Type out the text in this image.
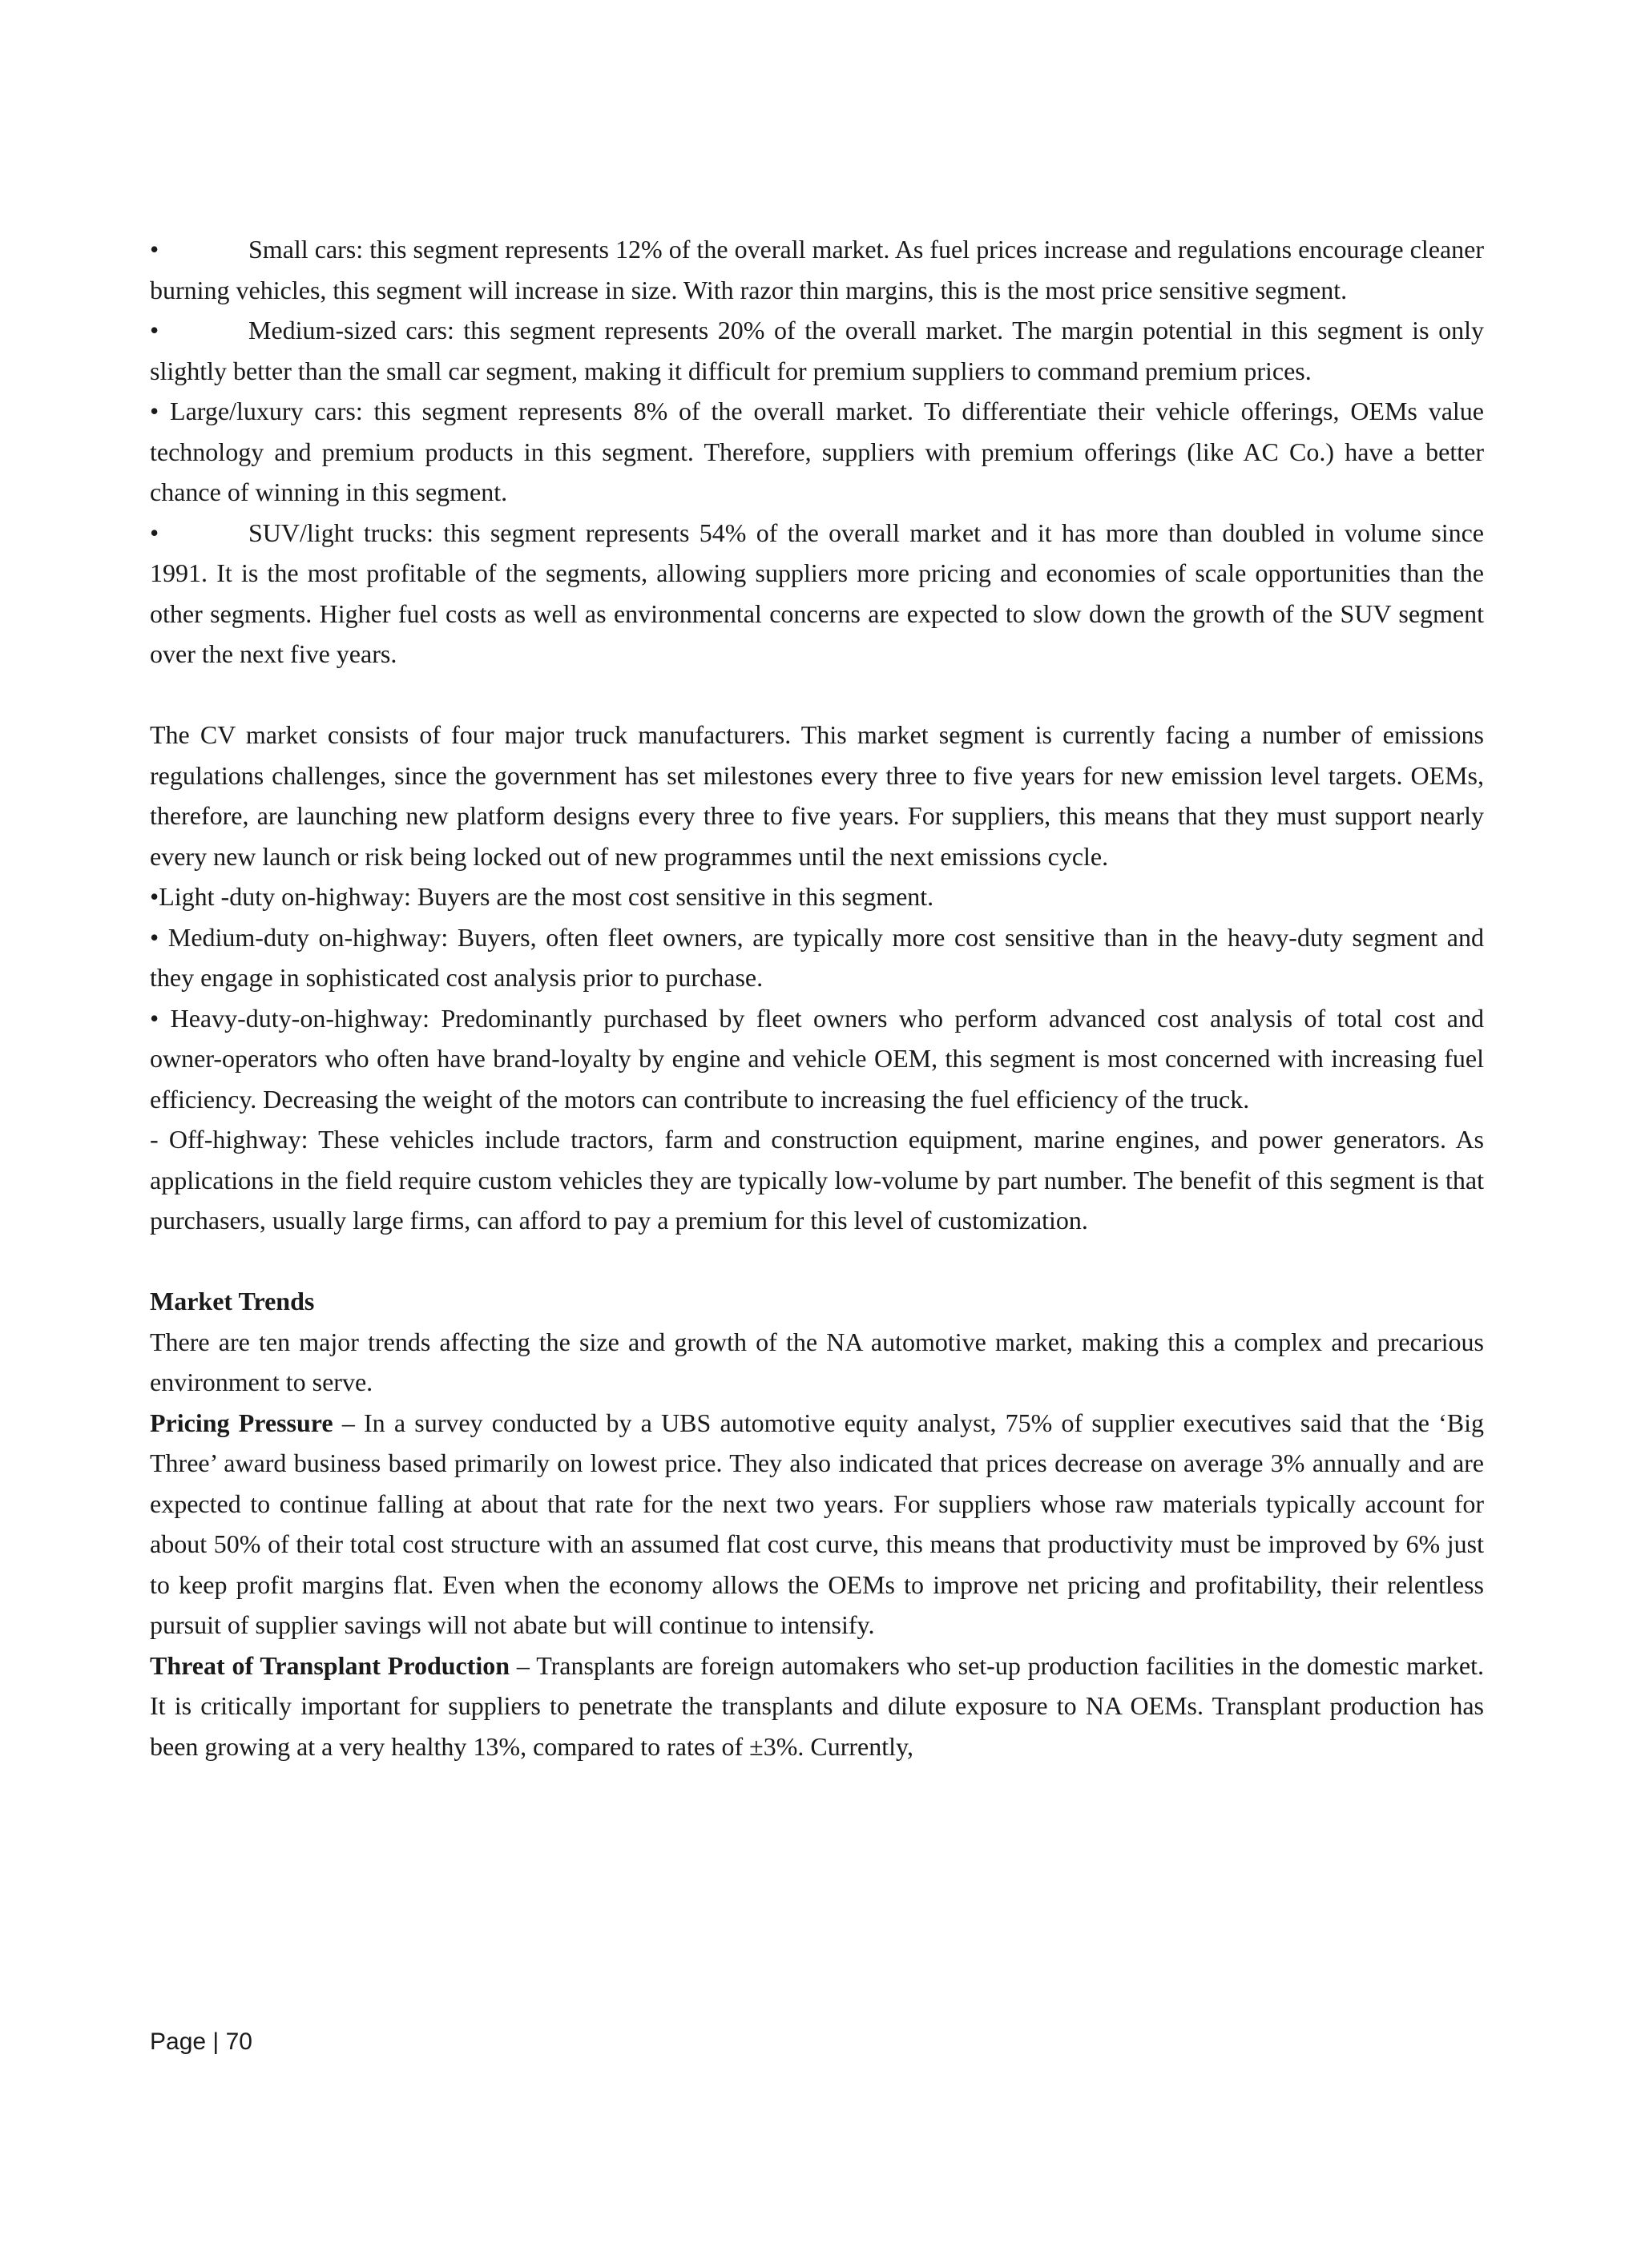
•	Small cars: this segment represents 12% of the overall market. As fuel prices increase and regulations encourage cleaner burning vehicles, this segment will increase in size. With razor thin margins, this is the most price sensitive segment.

•	Medium-sized cars: this segment represents 20% of the overall market. The margin potential in this segment is only slightly better than the small car segment, making it difficult for premium suppliers to command premium prices.

• Large/luxury cars: this segment represents 8% of the overall market. To differentiate their vehicle offerings, OEMs value technology and premium products in this segment. Therefore, suppliers with premium offerings (like AC Co.) have a better chance of winning in this segment.

•	SUV/light trucks: this segment represents 54% of the overall market and it has more than doubled in volume since 1991. It is the most profitable of the segments, allowing suppliers more pricing and economies of scale opportunities than the other segments. Higher fuel costs as well as environmental concerns are expected to slow down the growth of the SUV segment over the next five years.

The CV market consists of four major truck manufacturers. This market segment is currently facing a number of emissions regulations challenges, since the government has set milestones every three to five years for new emission level targets. OEMs, therefore, are launching new platform designs every three to five years. For suppliers, this means that they must support nearly every new launch or risk being locked out of new programmes until the next emissions cycle.

•Light -duty on-highway: Buyers are the most cost sensitive in this segment.

• Medium-duty on-highway: Buyers, often fleet owners, are typically more cost sensitive than in the heavy-duty segment and they engage in sophisticated cost analysis prior to purchase.

• Heavy-duty-on-highway: Predominantly purchased by fleet owners who perform advanced cost analysis of total cost and owner-operators who often have brand-loyalty by engine and vehicle OEM, this segment is most concerned with increasing fuel efficiency. Decreasing the weight of the motors can contribute to increasing the fuel efficiency of the truck.

- Off-highway: These vehicles include tractors, farm and construction equipment, marine engines, and power generators. As applications in the field require custom vehicles they are typically low-volume by part number. The benefit of this segment is that purchasers, usually large firms, can afford to pay a premium for this level of customization.

Market Trends

There are ten major trends affecting the size and growth of the NA automotive market, making this a complex and precarious environment to serve.

Pricing Pressure – In a survey conducted by a UBS automotive equity analyst, 75% of supplier executives said that the ‘Big Three’ award business based primarily on lowest price. They also indicated that prices decrease on average 3% annually and are expected to continue falling at about that rate for the next two years. For suppliers whose raw materials typically account for about 50% of their total cost structure with an assumed flat cost curve, this means that productivity must be improved by 6% just to keep profit margins flat. Even when the economy allows the OEMs to improve net pricing and profitability, their relentless pursuit of supplier savings will not abate but will continue to intensify.

Threat of Transplant Production – Transplants are foreign automakers who set-up production facilities in the domestic market. It is critically important for suppliers to penetrate the transplants and dilute exposure to NA OEMs. Transplant production has been growing at a very healthy 13%, compared to rates of ±3%. Currently,

Page | 70
